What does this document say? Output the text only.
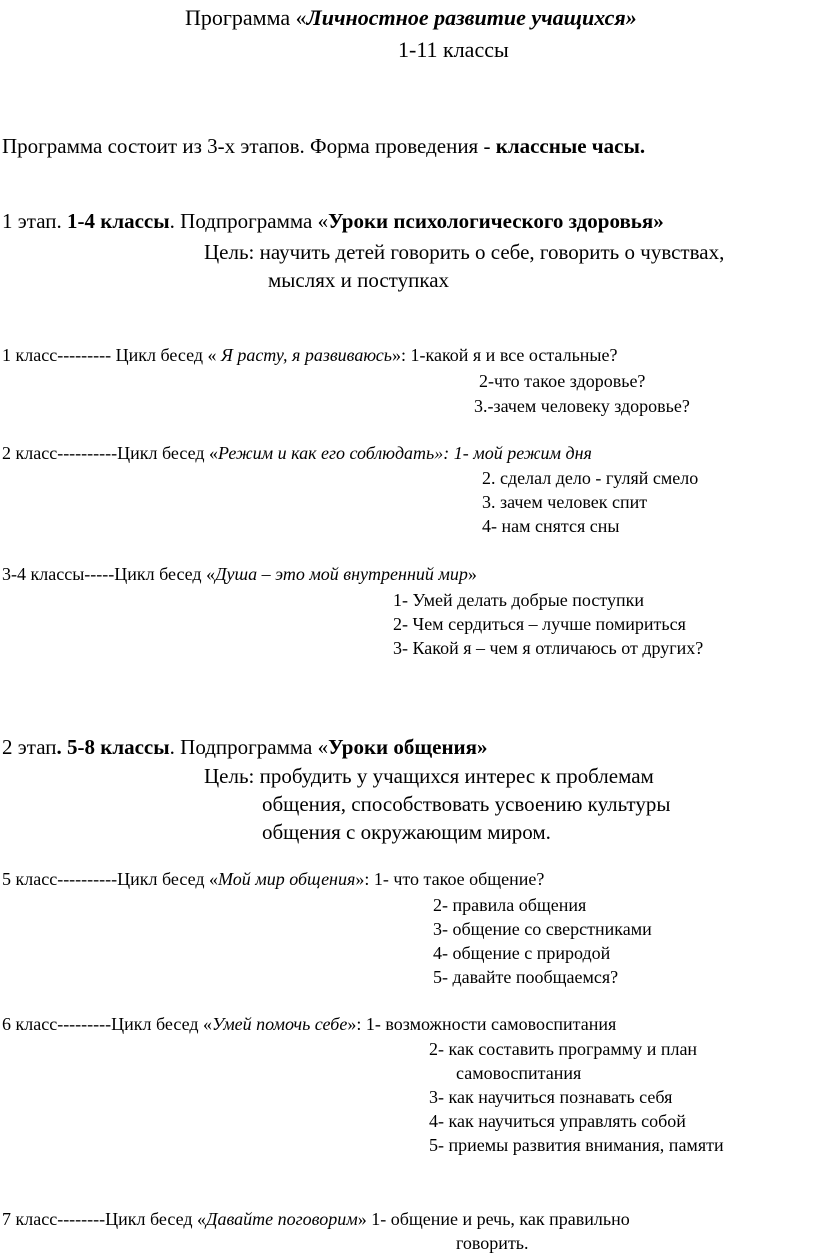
Программа «Личностное развитие учащихся»
1-11 классы
Программа состоит из 3-х этапов. Форма проведения - классные часы.
1 этап. 1-4 классы. Подпрограмма «Уроки психологического здоровья»
Цель: научить детей говорить о себе, говорить о чувствах,
мыслях и поступках
1 класс--------- Цикл бесед « Я расту, я развиваюсь»: 1-какой я и все остальные?
2-что такое здоровье?
3.-зачем человеку здоровье?
2 класс----------Цикл бесед «Режим и как его соблюдать»: 1- мой режим дня
2. сделал дело - гуляй смело
3. зачем человек спит
4- нам снятся сны
3-4 классы-----Цикл бесед «Душа – это мой внутренний мир»
1- Умей делать добрые поступки
2- Чем сердиться – лучше помириться
3- Какой я – чем я отличаюсь от других?
2 этап. 5-8 классы. Подпрограмма «Уроки общения»
Цель: пробудить у учащихся интерес к проблемам
общения, способствовать усвоению культуры
общения с окружающим миром.
5 класс----------Цикл бесед «Мой мир общения»: 1- что такое общение?
2- правила общения
3- общение со сверстниками
4- общение с природой
5- давайте пообщаемся?
6 класс---------Цикл бесед «Умей помочь себе»: 1- возможности самовоспитания
2- как составить программу и план
самовоспитания
3- как научиться познавать себя
4- как научиться управлять собой
5- приемы развития внимания, памяти
7 класс--------Цикл бесед «Давайте поговорим» 1- общение и речь, как правильно
говорить.
